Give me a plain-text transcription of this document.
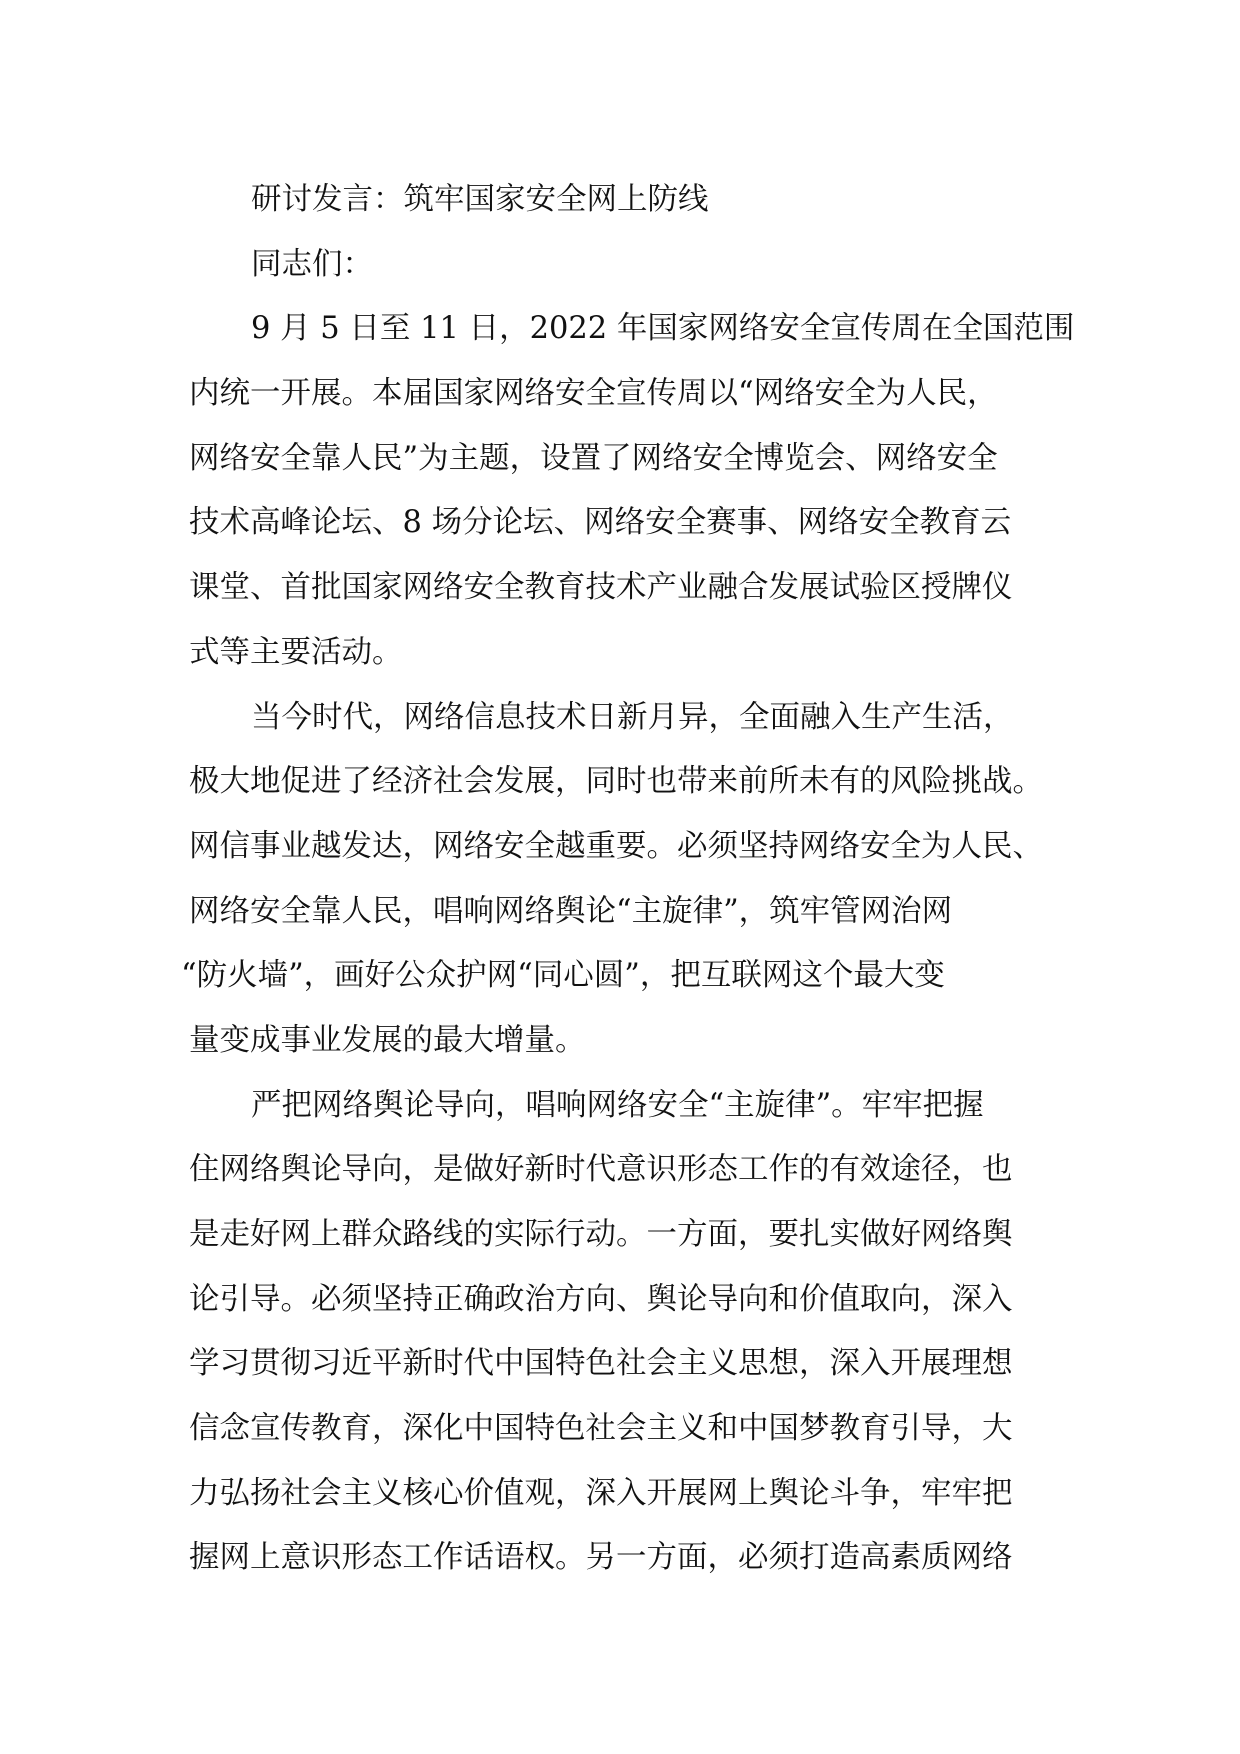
研讨发言：筑牢国家安全网上防线
同志们：
9 月 5 日至 11 日，2022 年国家网络安全宣传周在全国范围
内统一开展。本届国家网络安全宣传周以“网络安全为人民，
网络安全靠人民”为主题，设置了网络安全博览会、网络安全
技术高峰论坛、8 场分论坛、网络安全赛事、网络安全教育云
课堂、首批国家网络安全教育技术产业融合发展试验区授牌仪
式等主要活动。
当今时代，网络信息技术日新月异，全面融入生产生活，
极大地促进了经济社会发展，同时也带来前所未有的风险挑战。
网信事业越发达，网络安全越重要。必须坚持网络安全为人民、
网络安全靠人民，唱响网络舆论“主旋律”，筑牢管网治网
“防火墙”，画好公众护网“同心圆”，把互联网这个最大变
量变成事业发展的最大增量。
严把网络舆论导向，唱响网络安全“主旋律”。牢牢把握
住网络舆论导向，是做好新时代意识形态工作的有效途径，也
是走好网上群众路线的实际行动。一方面，要扎实做好网络舆
论引导。必须坚持正确政治方向、舆论导向和价值取向，深入
学习贯彻习近平新时代中国特色社会主义思想，深入开展理想
信念宣传教育，深化中国特色社会主义和中国梦教育引导，大
力弘扬社会主义核心价值观，深入开展网上舆论斗争，牢牢把
握网上意识形态工作话语权。另一方面，必须打造高素质网络
